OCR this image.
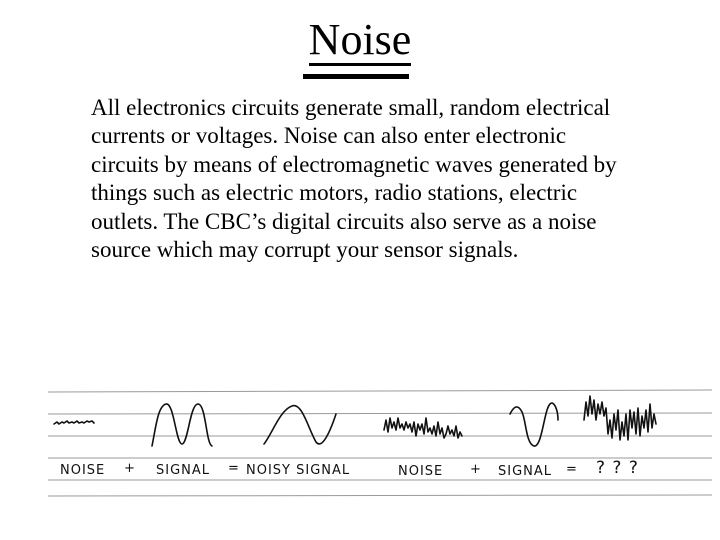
Noise
All electronics circuits generate small, random electrical
currents or voltages. Noise can also enter electronic
circuits by means of electromagnetic waves generated by
things such as electric motors, radio stations, electric
outlets. The CBC’s digital circuits also serve as a noise
source which may corrupt your sensor signals.
NOISE + SIGNAL = NOISY SIGNAL	NOISE + SIGNAL = ? ? ?
